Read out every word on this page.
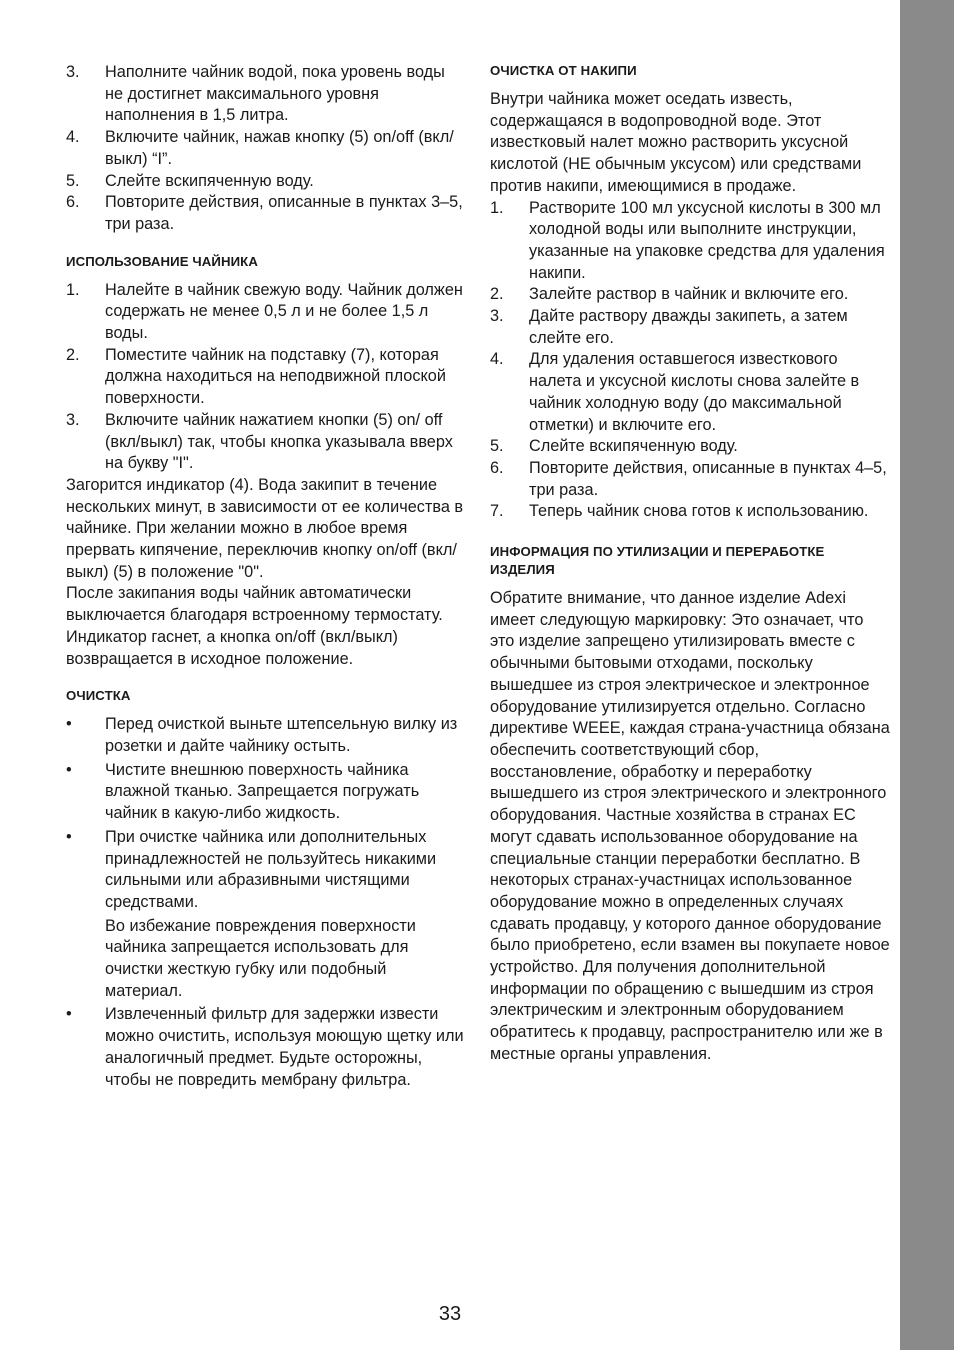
3.	Наполните чайник водой, пока уровень воды не достигнет максимального уровня наполнения в 1,5 литра.
4.	Включите чайник, нажав кнопку (5) on/off (вкл/выкл) “I”.
5.	Слейте вскипяченную воду.
6.	Повторите действия, описанные в пунктах 3–5, три раза.
ИСПОЛЬЗОВАНИЕ ЧАЙНИКА
1.	Налейте в чайник свежую воду. Чайник должен содержать не менее 0,5 л и не более 1,5 л воды.
2.	Поместите чайник на подставку (7), которая должна находиться на неподвижной плоской поверхности.
3.	Включите чайник нажатием кнопки (5) on/ off (вкл/выкл) так, чтобы кнопка указывала вверх на букву "I".

Загорится индикатор (4). Вода закипит в течение нескольких минут, в зависимости от ее количества в чайнике. При желании можно в любое время прервать кипячение, переключив кнопку on/off (вкл/выкл) (5) в положение "0".

После закипания воды чайник автоматически выключается благодаря встроенному термостату. Индикатор гаснет, а кнопка on/off (вкл/выкл) возвращается в исходное положение.

ОЧИСТКА
•	Перед очисткой выньте штепсельную вилку из розетки и дайте чайнику остыть.
•	Чистите внешнюю поверхность чайника влажной тканью. Запрещается погружать чайник в какую-либо жидкость.
•	При очистке чайника или дополнительных принадлежностей не пользуйтесь никакими сильными или абразивными чистящими средствами.
Во избежание повреждения поверхности чайника запрещается использовать для очистки жесткую губку или подобный материал.
•	Извлеченный фильтр для задержки извести можно очистить, используя моющую щетку или аналогичный предмет. Будьте осторожны, чтобы не повредить мембрану фильтра.
ОЧИСТКА ОТ НАКИПИ

Внутри чайника может оседать известь, содержащаяся в водопроводной воде. Этот известковый налет можно растворить уксусной кислотой (НЕ обычным уксусом) или средствами против накипи, имеющимися в продаже.

1.	Растворите 100 мл уксусной кислоты в 300 мл холодной воды или выполните инструкции, указанные на упаковке средства для удаления накипи.
2.	Залейте раствор в чайник и включите его.
3.	Дайте раствору дважды закипеть, а затем слейте его.
4.	Для удаления оставшегося известкового налета и уксусной кислоты снова залейте в чайник холодную воду (до максимальной отметки) и включите его.
5.	Слейте вскипяченную воду.
6.	Повторите действия, описанные в пунктах 4–5, три раза.
7.	Теперь чайник снова готов к использованию.
ИНФОРМАЦИЯ ПО УТИЛИЗАЦИИ И ПЕРЕРАБОТКЕ ИЗДЕЛИЯ

Обратите внимание, что данное изделие Adexi имеет следующую маркировку: Это означает, что это изделие запрещено утилизировать вместе с обычными бытовыми отходами, поскольку вышедшее из строя электрическое и электронное оборудование утилизируется отдельно. Согласно директиве WEEE, каждая страна-участница обязана обеспечить соответствующий сбор, восстановление, обработку и переработку вышедшего из строя электрического и электронного оборудования. Частные хозяйства в странах ЕС могут сдавать использованное оборудование на специальные станции переработки бесплатно. В некоторых странах-участницах использованное оборудование можно в определенных случаях сдавать продавцу, у которого данное оборудование было приобретено, если взамен вы покупаете новое устройство. Для получения дополнительной информации по обращению с вышедшим из строя электрическим и электронным оборудованием обратитесь к продавцу, распространителю или же в местные органы управления.

33
